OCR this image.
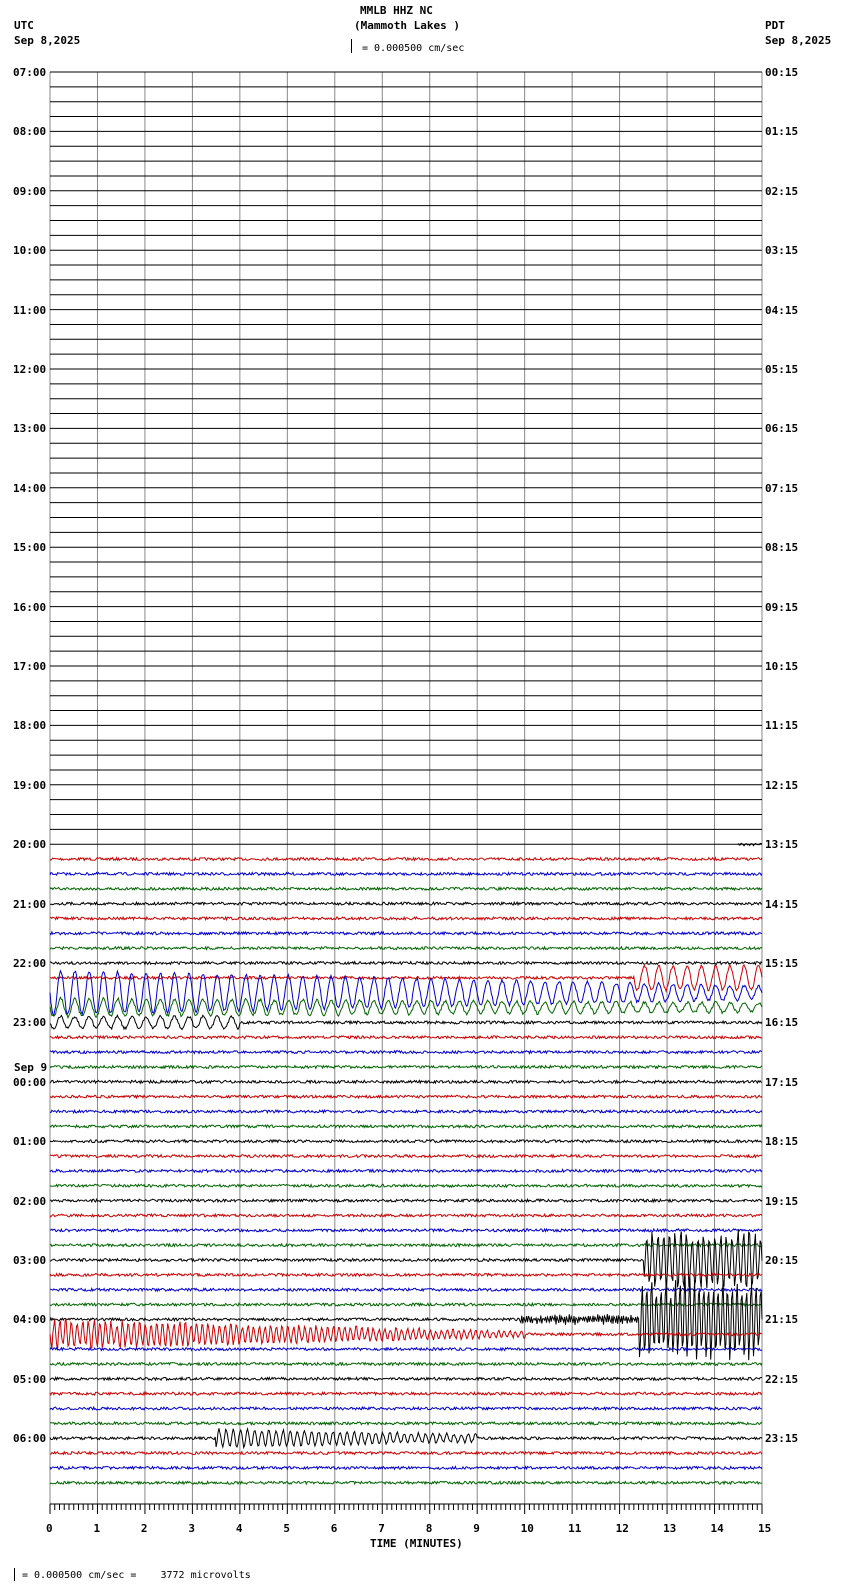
MMLB HHZ NC
(Mammoth Lakes )
UTC
Sep 8,2025
PDT
Sep 8,2025
= 0.000500 cm/sec
07:00
08:00
09:00
10:00
11:00
12:00
13:00
14:00
15:00
16:00
17:00
18:00
19:00
20:00
21:00
22:00
23:00
00:00
01:00
02:00
03:00
04:00
05:00
06:00
00:15
01:15
02:15
03:15
04:15
05:15
06:15
07:15
08:15
09:15
10:15
11:15
12:15
13:15
14:15
15:15
16:15
17:15
18:15
19:15
20:15
21:15
22:15
23:15
Sep 9
0	1	2	3	4	5	6	7	8	9	10	11	12	13	14	15
TIME (MINUTES)
= 0.000500 cm/sec =    3772 microvolts
